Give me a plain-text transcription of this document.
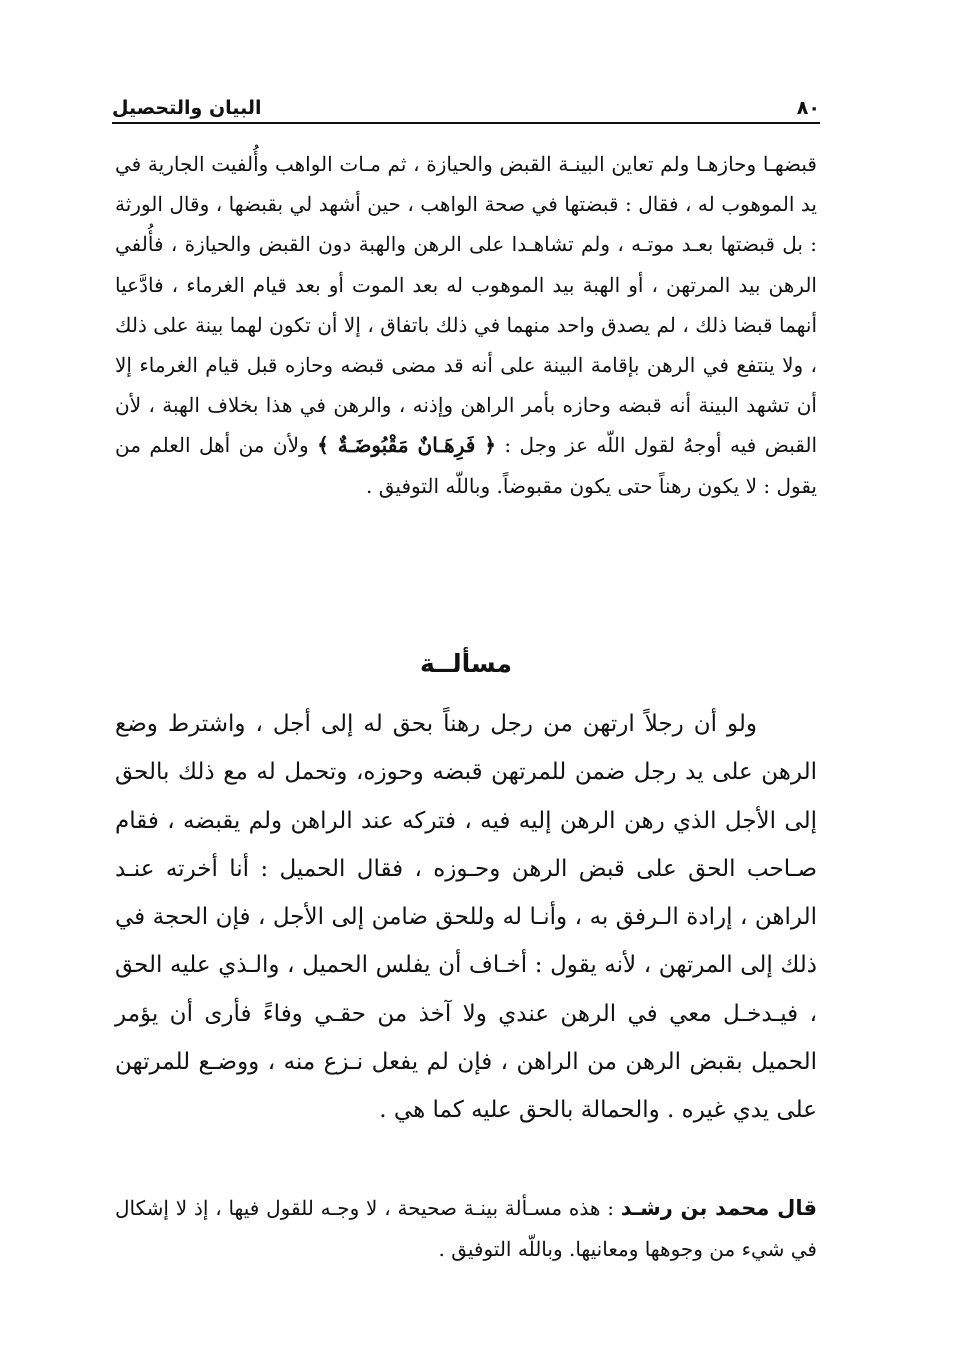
٨٠
البيان والتحصيل
قبضهـا وحازهـا ولم تعاين البينـة القبض والحيازة ، ثم مـات الواهب وأُلفيت الجارية في يد الموهوب له ، فقال : قبضتها في صحة الواهب ، حين أشهد لي بقبضها ، وقال الورثة : بل قبضتها بعـد موتـه ، ولم تشاهـدا على الرهن والهبة دون القبض والحيازة ، فأُلفي الرهن بيد المرتهن ، أو الهبة بيد الموهوب له بعد الموت أو بعد قيام الغرماء ، فادَّعيا أنهما قبضا ذلك ، لم يصدق واحد منهما في ذلك باتفاق ، إلا أن تكون لهما بينة على ذلك ، ولا ينتفع في الرهن بإقامة البينة على أنه قد مضى قبضه وحازه قبل قيام الغرماء إلا أن تشهد البينة أنه قبضه وحازه بأمر الراهن وإذنه ، والرهن في هذا بخلاف الهبة ، لأن القبض فيه أوجهُ لقول اللّه عز وجل : ﴿ فَرِهَـانٌ مَقْبُوضَـةٌ ﴾ ولأن من أهل العلم من يقول : لا يكون رهناً حتى يكون مقبوضاً. وباللّه التوفيق .
مسألــة
ولو أن رجلاً ارتهن من رجل رهناً بحق له إلى أجل ، واشترط وضع الرهن على يد رجل ضمن للمرتهن قبضه وحوزه، وتحمل له مع ذلك بالحق إلى الأجل الذي رهن الرهن إليه فيه ، فتركه عند الراهن ولم يقبضه ، فقام صـاحب الحق على قبض الرهن وحـوزه ، فقال الحميل : أنا أخرته عنـد الراهن ، إرادة الـرفق به ، وأنـا له وللحق ضامن إلى الأجل ، فإن الحجة في ذلك إلى المرتهن ، لأنه يقول : أخـاف أن يفلس الحميل ، والـذي عليه الحق ، فيـدخـل معي في الرهن عندي ولا آخذ من حقـي وفاءً فأرى أن يؤمر الحميل بقبض الرهن من الراهن ، فإن لم يفعل نـزع منه ، ووضـع للمرتهن على يدي غيره . والحمالة بالحق عليه كما هي .
قال محمد بن رشـد : هذه مسـألة بينـة صحيحة ، لا وجـه للقول فيها ، إذ لا إشكال في شيء من وجوهها ومعانيها. وباللّه التوفيق .
